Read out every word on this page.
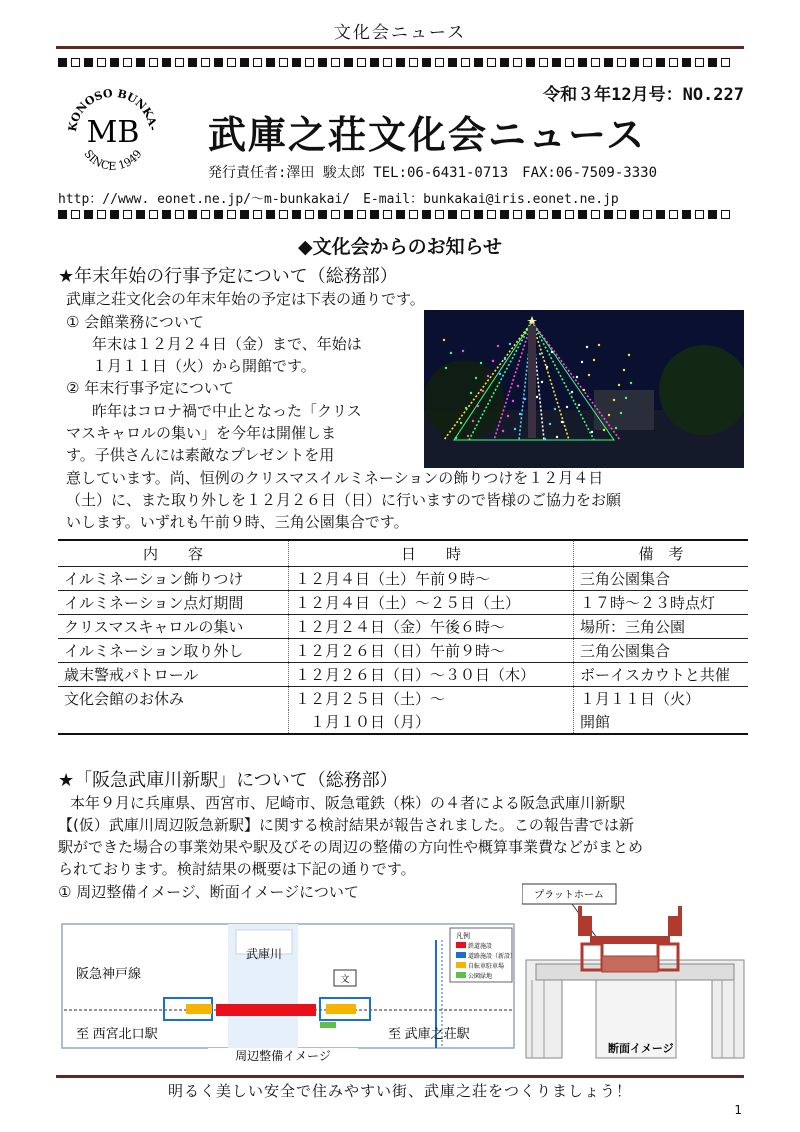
文化会ニュース
KONOSO BUNKA-
MB
SINCE 1949
令和３年12月号：NO.227
武庫之荘文化会ニュース
発行責任者:澤田 駿太郎 TEL:06-6431-0713　FAX:06-7509-3330
http：//www. eonet.ne.jp/～m-bunkakai/　E-mail：bunkakai@iris.eonet.ne.jp
◆文化会からのお知らせ
★年末年始の行事予定について（総務部）
武庫之荘文化会の年末年始の予定は下表の通りです。
① 会館業務について
年末は１２月２４日（金）まで、年始は
１月１１日（火）から開館です。
② 年末行事予定について
昨年はコロナ禍で中止となった「クリス
マスキャロルの集い」を今年は開催しま
す。子供さんには素敵なプレゼントを用
意しています。尚、恒例のクリスマスイルミネーションの飾りつけを１２月４日
（土）に、また取り外しを１２月２６日（日）に行いますので皆様のご協力をお願
いします。いずれも午前９時、三角公園集合です。
内　　容	日　　時	備　考
イルミネーション飾りつけ	１２月４日（土）午前９時～	三角公園集合
イルミネーション点灯期間	１２月４日（土）～２５日（土）	１７時～２３時点灯
クリスマスキャロルの集い	１２月２４日（金）午後６時～	場所：三角公園
イルミネーション取り外し	１２月２６日（日）午前９時～	三角公園集合
歳末警戒パトロール	１２月２６日（日）～３０日（木）	ボーイスカウトと共催
文化会館のお休み	１２月２５日（土）～	１月１１日（火）
	　１月１０日（月）	開館
★「阪急武庫川新駅」について（総務部）
本年９月に兵庫県、西宮市、尼崎市、阪急電鉄（株）の４者による阪急武庫川新駅
【(仮）武庫川周辺阪急新駅】に関する検討結果が報告されました。この報告書では新
駅ができた場合の事業効果や駅及びその周辺の整備の方向性や概算事業費などがまとめ
られております。検討結果の概要は下記の通りです。
① 周辺整備イメージ、断面イメージについて
武庫川
阪急神戸線	文
至 西宮北口駅	至 武庫之荘駅
凡例
鉄道施設
道路施設（新設）
自転車駐車場
公園緑地
周辺整備イメージ
プラットホーム
断面イメージ
明るく美しい安全で住みやすい街、武庫之荘をつくりましょう！
1
